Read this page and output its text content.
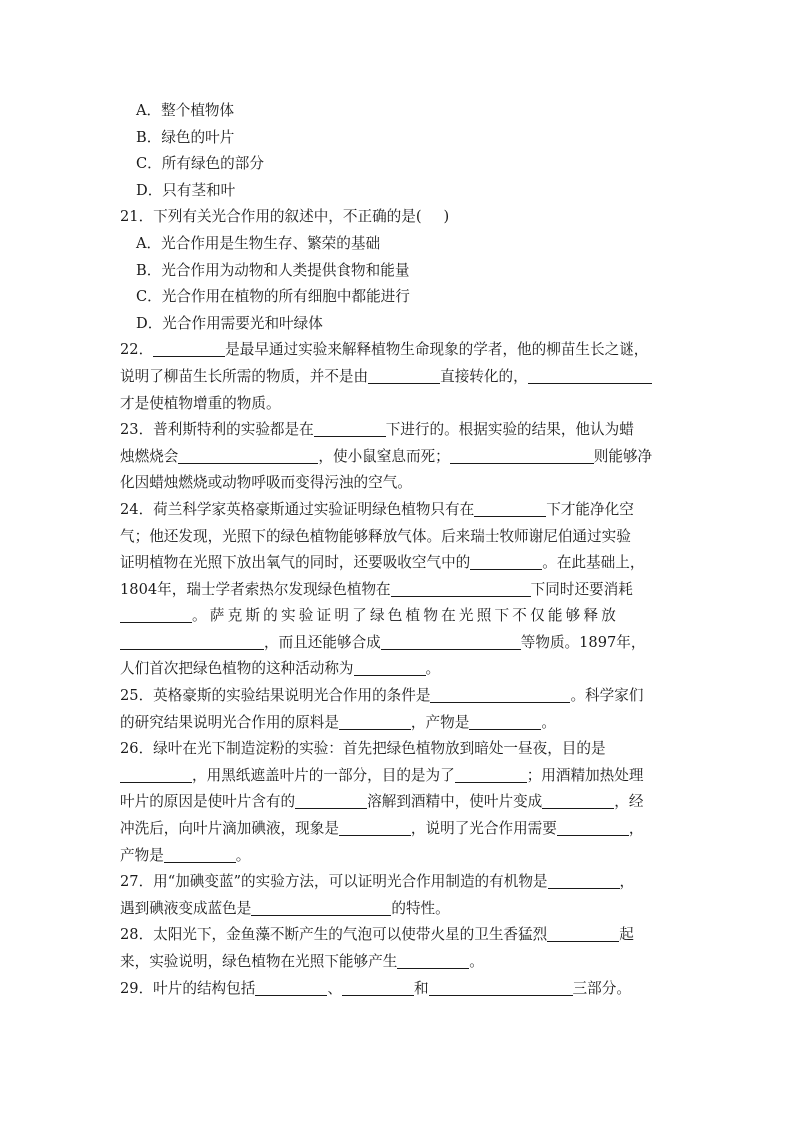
A．整个植物体
B．绿色的叶片
C．所有绿色的部分
D．只有茎和叶
21．下列有关光合作用的叙述中，不正确的是( )
A．光合作用是生物生存、繁荣的基础
B．光合作用为动物和人类提供食物和能量
C．光合作用在植物的所有细胞中都能进行
D．光合作用需要光和叶绿体
22．	是最早通过实验来解释植物生命现象的学者，他的柳苗生长之谜，
说明了柳苗生长所需的物质，并不是由	直接转化的，
才是使植物增重的物质。
23．普利斯特利的实验都是在	下进行的。根据实验的结果，他认为蜡
烛燃烧会	，使小鼠窒息而死；	则能够净
化因蜡烛燃烧或动物呼吸而变得污浊的空气。
24．荷兰科学家英格豪斯通过实验证明绿色植物只有在	下才能净化空
气；他还发现，光照下的绿色植物能够释放气体。后来瑞士牧师谢尼伯通过实验
证明植物在光照下放出氧气的同时，还要吸收空气中的	。在此基础上，
1804年，瑞士学者索热尔发现绿色植物在	下同时还要消耗
。萨克斯的实验证明了绿色植物在光照下不仅能够释放
，而且还能够合成	等物质。1897年，
人们首次把绿色植物的这种活动称为	。
25．英格豪斯的实验结果说明光合作用的条件是	。科学家们
的研究结果说明光合作用的原料是	，产物是	。
26．绿叶在光下制造淀粉的实验：首先把绿色植物放到暗处一昼夜，目的是
，用黑纸遮盖叶片的一部分，目的是为了	；用酒精加热处理
叶片的原因是使叶片含有的	溶解到酒精中，使叶片变成	，经
冲洗后，向叶片滴加碘液，现象是	，说明了光合作用需要	，
产物是	。
27．用“加碘变蓝”的实验方法，可以证明光合作用制造的有机物是	，
遇到碘液变成蓝色是	的特性。
28．太阳光下，金鱼藻不断产生的气泡可以使带火星的卫生香猛烈	起
来，实验说明，绿色植物在光照下能够产生	。
29．叶片的结构包括	、	和	三部分。
